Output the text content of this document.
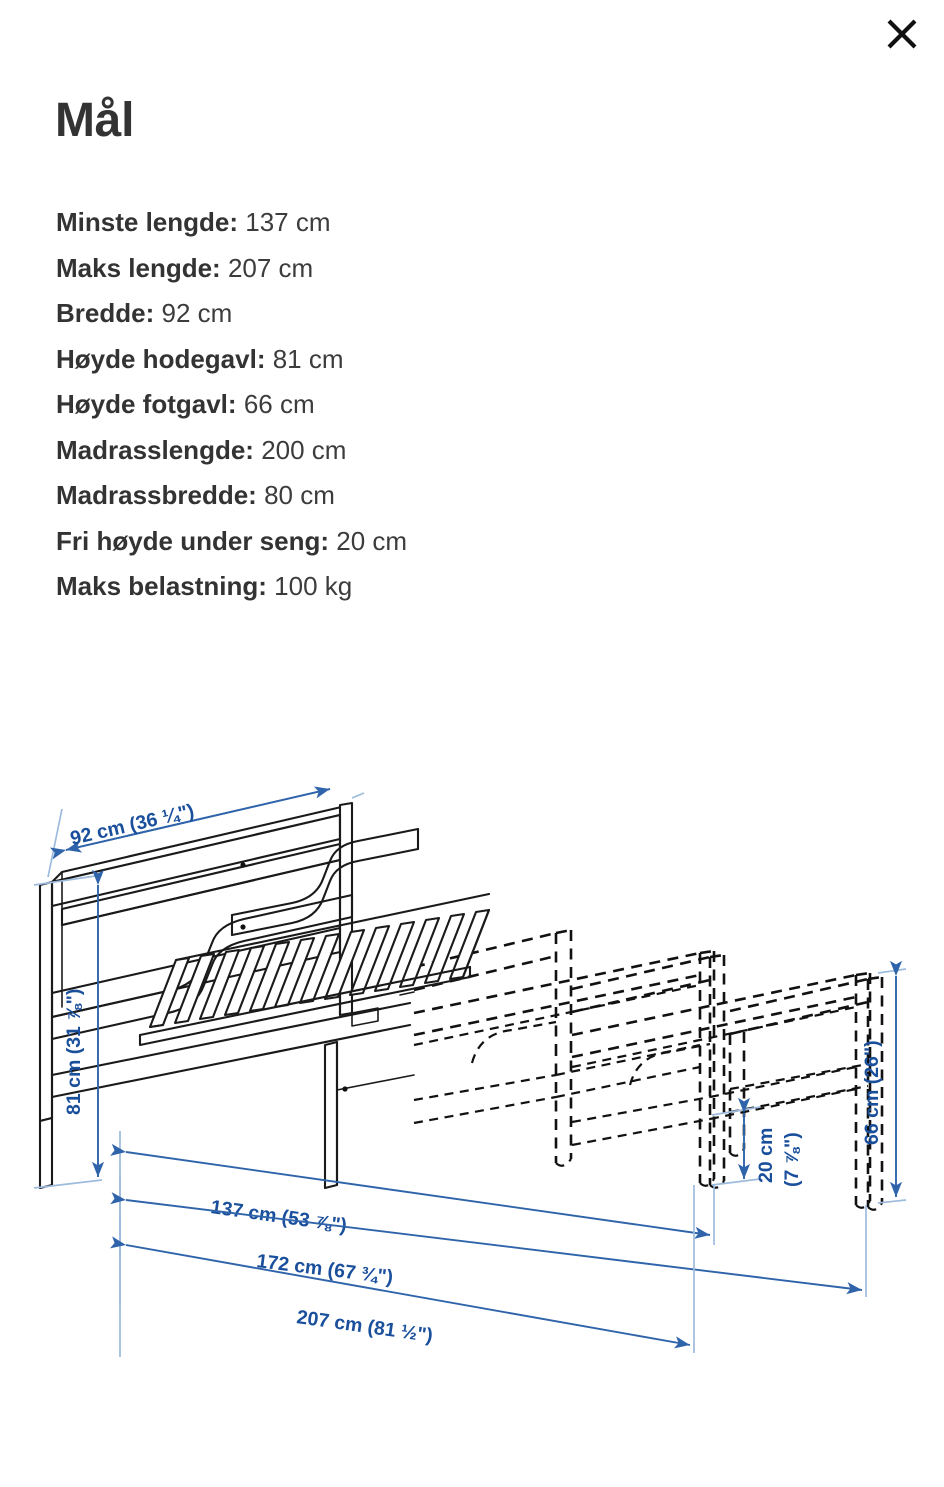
Mål
Minste lengde: 137 cm
Maks lengde: 207 cm
Bredde: 92 cm
Høyde hodegavl: 81 cm
Høyde fotgavl: 66 cm
Madrasslengde: 200 cm
Madrassbredde: 80 cm
Fri høyde under seng: 20 cm
Maks belastning: 100 kg
92 cm (36 ¼")
81 cm (31 ⅞")	66 cm (26")
20 cm (7 ⅞")
137 cm (53 ⅞")
172 cm (67 ¾")
207 cm (81 ½")
